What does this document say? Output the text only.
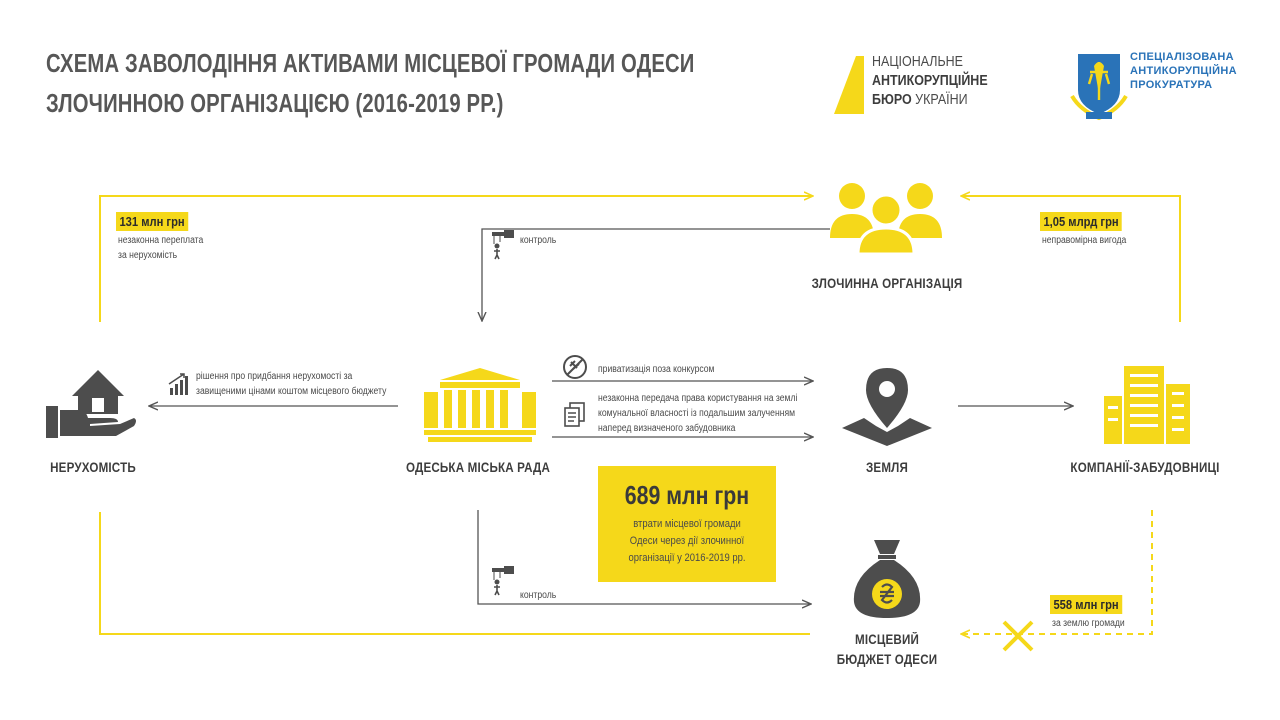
СХЕМА ЗАВОЛОДІННЯ АКТИВАМИ МІСЦЕВОЇ ГРОМАДИ ОДЕСИ
ЗЛОЧИННОЮ ОРГАНІЗАЦІЄЮ (2016-2019 РР.)
НАЦІОНАЛЬНЕ
АНТИКОРУПЦІЙНЕ
БЮРО УКРАЇНИ
СПЕЦІАЛІЗОВАНА
АНТИКОРУПЦІЙНА
ПРОКУРАТУРА
ЗЛОЧИННА ОРГАНІЗАЦІЯ
НЕРУХОМІСТЬ	ОДЕСЬКА МІСЬКА РАДА	ЗЕМЛЯ	КОМПАНІЇ-ЗАБУДОВНИЦІ
МІСЦЕВИЙ
БЮДЖЕТ ОДЕСИ
131 млн грн
незаконна переплата
за нерухомість
1,05 млрд грн
неправомірна вигода
контроль
рішення про придбання нерухомості за
завищеними цінами коштом місцевого бюджету
приватизація поза конкурсом
незаконна передача права користування на землі
комунальної власності із подальшим залученням
наперед визначеного забудовника
689 млн грн
втрати місцевої громади
Одеси через дії злочинної
організації у 2016-2019 рр.
контроль
558 млн грн
за землю громади
